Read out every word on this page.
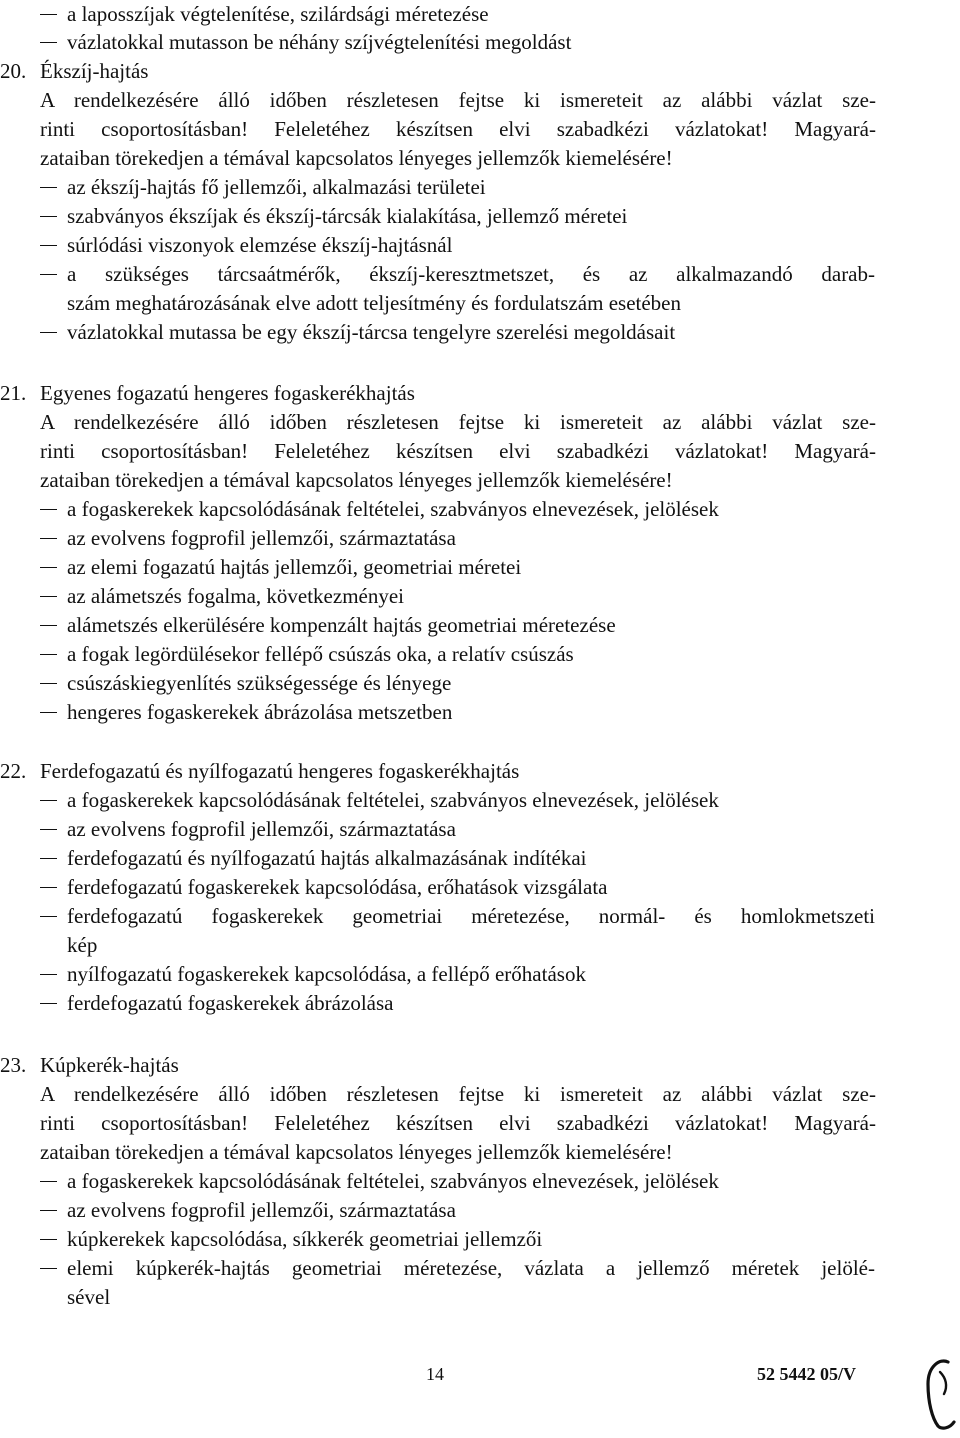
a laposszíjak végtelenítése, szilárdsági méretezése
vázlatokkal mutasson be néhány szíjvégtelenítési megoldást
20. Ékszíj-hajtás
A rendelkezésére álló időben részletesen fejtse ki ismereteit az alábbi vázlat sze-
rinti csoportosításban! Feleletéhez készítsen elvi szabadkézi vázlatokat! Magyará-
zataiban törekedjen a témával kapcsolatos lényeges jellemzők kiemelésére!
az ékszíj-hajtás fő jellemzői, alkalmazási területei
szabványos ékszíjak és ékszíj-tárcsák kialakítása, jellemző méretei
súrlódási viszonyok elemzése ékszíj-hajtásnál
a szükséges tárcsaátmérők, ékszíj-keresztmetszet, és az alkalmazandó darab-
szám meghatározásának elve adott teljesítmény és fordulatszám esetében
vázlatokkal mutassa be egy ékszíj-tárcsa tengelyre szerelési megoldásait
21. Egyenes fogazatú hengeres fogaskerékhajtás
A rendelkezésére álló időben részletesen fejtse ki ismereteit az alábbi vázlat sze-
rinti csoportosításban! Feleletéhez készítsen elvi szabadkézi vázlatokat! Magyará-
zataiban törekedjen a témával kapcsolatos lényeges jellemzők kiemelésére!
a fogaskerekek kapcsolódásának feltételei, szabványos elnevezések, jelölések
az evolvens fogprofil jellemzői, származtatása
az elemi fogazatú hajtás jellemzői, geometriai méretei
az alámetszés fogalma, következményei
alámetszés elkerülésére kompenzált hajtás geometriai méretezése
a fogak legördülésekor fellépő csúszás oka, a relatív csúszás
csúszáskiegyenlítés szükségessége és lényege
hengeres fogaskerekek ábrázolása metszetben
22. Ferdefogazatú és nyílfogazatú hengeres fogaskerékhajtás
a fogaskerekek kapcsolódásának feltételei, szabványos elnevezések, jelölések
az evolvens fogprofil jellemzői, származtatása
ferdefogazatú és nyílfogazatú hajtás alkalmazásának indítékai
ferdefogazatú fogaskerekek kapcsolódása, erőhatások vizsgálata
ferdefogazatú fogaskerekek geometriai méretezése, normál- és homlokmetszeti
kép
nyílfogazatú fogaskerekek kapcsolódása, a fellépő erőhatások
ferdefogazatú fogaskerekek ábrázolása
23. Kúpkerék-hajtás
A rendelkezésére álló időben részletesen fejtse ki ismereteit az alábbi vázlat sze-
rinti csoportosításban! Feleletéhez készítsen elvi szabadkézi vázlatokat! Magyará-
zataiban törekedjen a témával kapcsolatos lényeges jellemzők kiemelésére!
a fogaskerekek kapcsolódásának feltételei, szabványos elnevezések, jelölések
az evolvens fogprofil jellemzői, származtatása
kúpkerekek kapcsolódása, síkkerék geometriai jellemzői
elemi kúpkerék-hajtás geometriai méretezése, vázlata a jellemző méretek jelölé-
sével
14	52 5442 05/V
